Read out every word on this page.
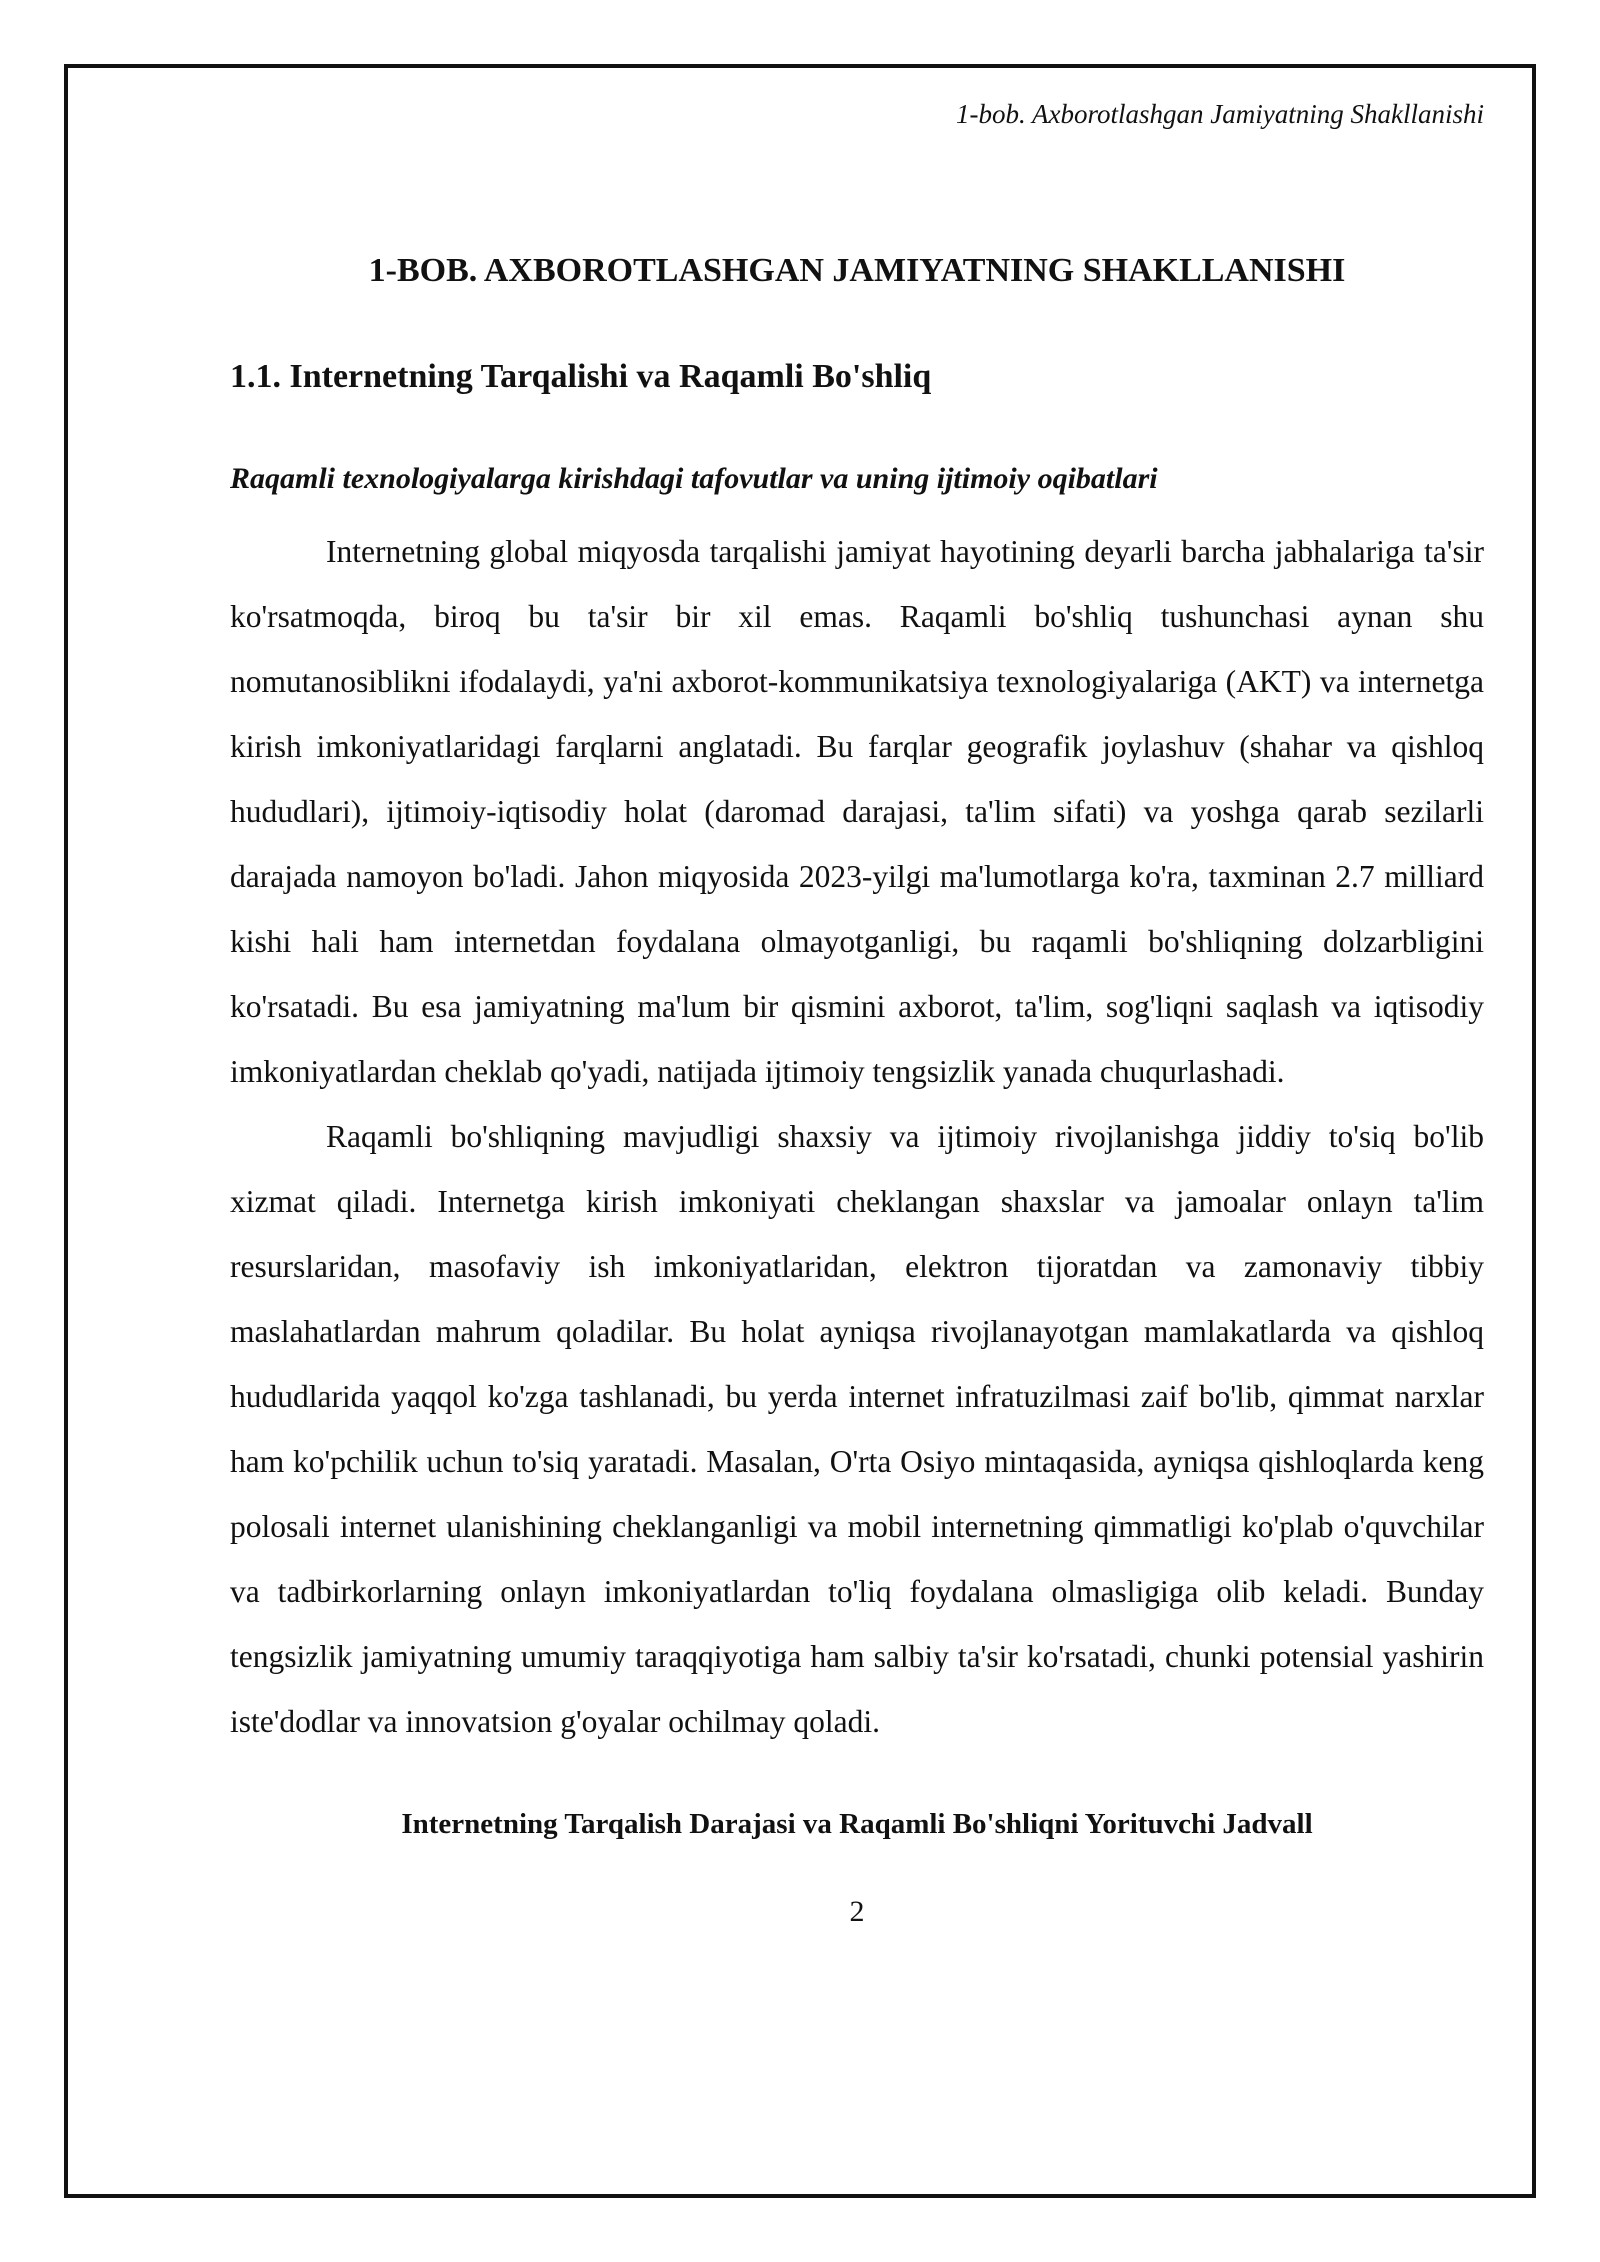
1-bob. Axborotlashgan Jamiyatning Shakllanishi

1-BOB. AXBOROTLASHGAN JAMIYATNING SHAKLLANISHI
1.1. Internetning Tarqalishi va Raqamli Bo'shliq
Raqamli texnologiyalarga kirishdagi tafovutlar va uning ijtimoiy oqibatlari

Internetning global miqyosda tarqalishi jamiyat hayotining deyarli barcha jabhalariga ta'sir ko'rsatmoqda, biroq bu ta'sir bir xil emas. Raqamli bo'shliq tushunchasi aynan shu nomutanosiblikni ifodalaydi, ya'ni axborot-kommunikatsiya texnologiyalariga (AKT) va internetga kirish imkoniyatlaridagi farqlarni anglatadi. Bu farqlar geografik joylashuv (shahar va qishloq hududlari), ijtimoiy-iqtisodiy holat (daromad darajasi, ta'lim sifati) va yoshga qarab sezilarli darajada namoyon bo'ladi. Jahon miqyosida 2023-yilgi ma'lumotlarga ko'ra, taxminan 2.7 milliard kishi hali ham internetdan foydalana olmayotganligi, bu raqamli bo'shliqning dolzarbligini ko'rsatadi. Bu esa jamiyatning ma'lum bir qismini axborot, ta'lim, sog'liqni saqlash va iqtisodiy imkoniyatlardan cheklab qo'yadi, natijada ijtimoiy tengsizlik yanada chuqurlashadi.

Raqamli bo'shliqning mavjudligi shaxsiy va ijtimoiy rivojlanishga jiddiy to'siq bo'lib xizmat qiladi. Internetga kirish imkoniyati cheklangan shaxslar va jamoalar onlayn ta'lim resurslaridan, masofaviy ish imkoniyatlaridan, elektron tijoratdan va zamonaviy tibbiy maslahatlardan mahrum qoladilar. Bu holat ayniqsa rivojlanayotgan mamlakatlarda va qishloq hududlarida yaqqol ko'zga tashlanadi, bu yerda internet infratuzilmasi zaif bo'lib, qimmat narxlar ham ko'pchilik uchun to'siq yaratadi. Masalan, O'rta Osiyo mintaqasida, ayniqsa qishloqlarda keng polosali internet ulanishining cheklanganligi va mobil internetning qimmatligi ko'plab o'quvchilar va tadbirkorlarning onlayn imkoniyatlardan to'liq foydalana olmasligiga olib keladi. Bunday tengsizlik jamiyatning umumiy taraqqiyotiga ham salbiy ta'sir ko'rsatadi, chunki potensial yashirin iste'dodlar va innovatsion g'oyalar ochilmay qoladi.

Internetning Tarqalish Darajasi va Raqamli Bo'shliqni Yorituvchi Jadvall

2
